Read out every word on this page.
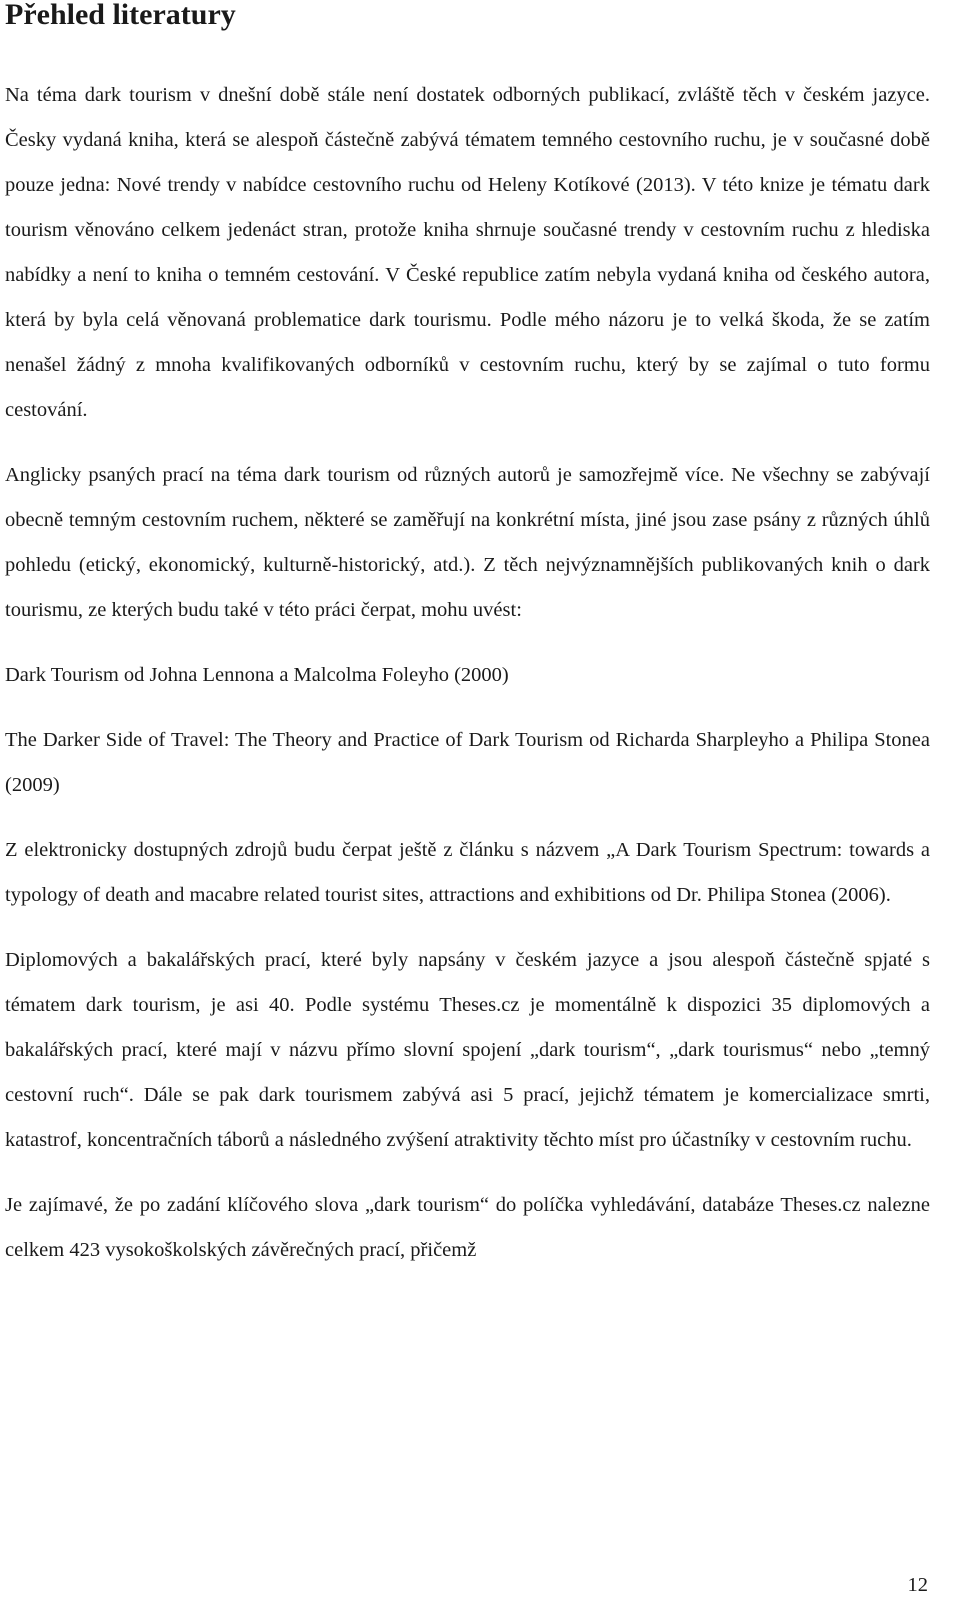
Přehled literatury

Na téma dark tourism v dnešní době stále není dostatek odborných publikací, zvláště těch v českém jazyce. Česky vydaná kniha, která se alespoň částečně zabývá tématem temného cestovního ruchu, je v současné době pouze jedna: Nové trendy v nabídce cestovního ruchu od Heleny Kotíkové (2013). V této knize je tématu dark tourism věnováno celkem jedenáct stran, protože kniha shrnuje současné trendy v cestovním ruchu z hlediska nabídky a není to kniha o temném cestování. V České republice zatím nebyla vydaná kniha od českého autora, která by byla celá věnovaná problematice dark tourismu. Podle mého názoru je to velká škoda, že se zatím nenašel žádný z mnoha kvalifikovaných odborníků v cestovním ruchu, který by se zajímal o tuto formu cestování.

Anglicky psaných prací na téma dark tourism od různých autorů je samozřejmě více. Ne všechny se zabývají obecně temným cestovním ruchem, některé se zaměřují na konkrétní místa, jiné jsou zase psány z různých úhlů pohledu (etický, ekonomický, kulturně-historický, atd.). Z těch nejvýznamnějších publikovaných knih o dark tourismu, ze kterých budu také v této práci čerpat, mohu uvést:

Dark Tourism od Johna Lennona a Malcolma Foleyho (2000)

The Darker Side of Travel: The Theory and Practice of Dark Tourism od Richarda Sharpleyho a Philipa Stonea (2009)

Z elektronicky dostupných zdrojů budu čerpat ještě z článku s názvem „A Dark Tourism Spectrum: towards a typology of death and macabre related tourist sites, attractions and exhibitions od Dr. Philipa Stonea (2006).

Diplomových a bakalářských prací, které byly napsány v českém jazyce a jsou alespoň částečně spjaté s tématem dark tourism, je asi 40. Podle systému Theses.cz je momentálně k dispozici 35 diplomových a bakalářských prací, které mají v názvu přímo slovní spojení „dark tourism“, „dark tourismus“ nebo „temný cestovní ruch“. Dále se pak dark tourismem zabývá asi 5 prací, jejichž tématem je komercializace smrti, katastrof, koncentračních táborů a následného zvýšení atraktivity těchto míst pro účastníky v cestovním ruchu.

Je zajímavé, že po zadání klíčového slova „dark tourism“ do políčka vyhledávání, databáze Theses.cz nalezne celkem 423 vysokoškolských závěrečných prací, přičemž

12
